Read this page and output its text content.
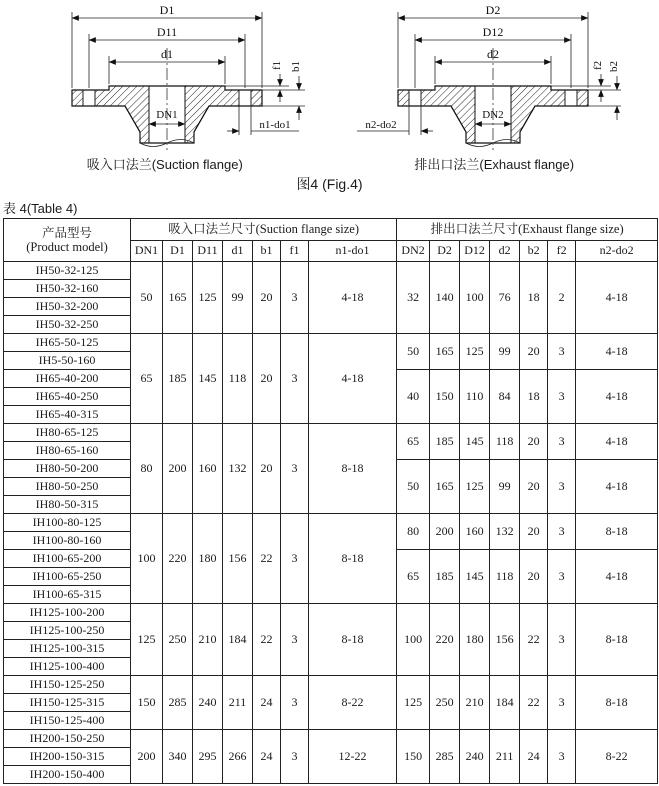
D1
D11
d1
DN1
f1 b1
n1-do1
D2
D12
d2
DN2
f2 b2
n2-do2
吸入口法兰(Suction flange)	排出口法兰(Exhaust flange)
图4 (Fig.4)
表 4(Table 4)
产品型号
(Product model)	吸入口法兰尺寸(Suction flange size)							排出口法兰尺寸(Exhaust flange size)						
	DN1	D1	D11	d1	b1	f1	n1-do1	DN2	D2	D12	d2	b2	f2	n2-do2
IH50-32-125	50	165	125	99	20	3	4-18	32	140	100	76	18	2	4-18
IH50-32-160														
IH50-32-200														
IH50-32-250														
IH65-50-125	65	185	145	118	20	3	4-18	50	165	125	99	20	3	4-18
IH5-50-160														
IH65-40-200								40	150	110	84	18	3	4-18
IH65-40-250														
IH65-40-315														
IH80-65-125	80	200	160	132	20	3	8-18	65	185	145	118	20	3	4-18
IH80-65-160														
IH80-50-200								50	165	125	99	20	3	4-18
IH80-50-250														
IH80-50-315														
IH100-80-125	100	220	180	156	22	3	8-18	80	200	160	132	20	3	8-18
IH100-80-160														
IH100-65-200								65	185	145	118	20	3	4-18
IH100-65-250														
IH100-65-315														
IH125-100-200	125	250	210	184	22	3	8-18	100	220	180	156	22	3	8-18
IH125-100-250														
IH125-100-315														
IH125-100-400														
IH150-125-250	150	285	240	211	24	3	8-22	125	250	210	184	22	3	8-18
IH150-125-315														
IH150-125-400														
IH200-150-250	200	340	295	266	24	3	12-22	150	285	240	211	24	3	8-22
IH200-150-315														
IH200-150-400														
